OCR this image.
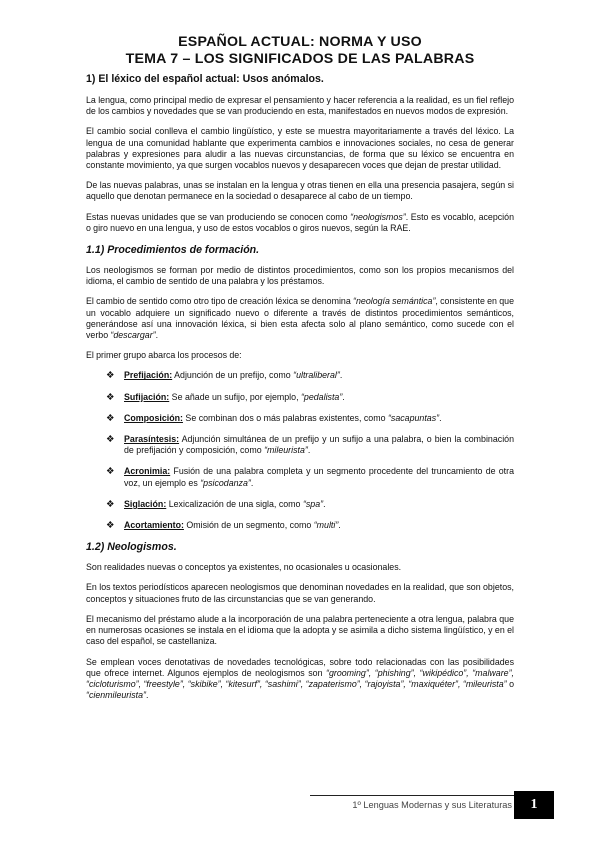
ESPAÑOL ACTUAL: NORMA Y USO
TEMA 7 – LOS SIGNIFICADOS DE LAS PALABRAS
1) El léxico del español actual: Usos anómalos.

La lengua, como principal medio de expresar el pensamiento y hacer referencia a la realidad, es un fiel reflejo de los cambios y novedades que se van produciendo en esta, manifestados en nuevos modos de expresión.

El cambio social conlleva el cambio lingüístico, y este se muestra mayoritariamente a través del léxico. La lengua de una comunidad hablante que experimenta cambios e innovaciones sociales, no cesa de generar palabras y expresiones para aludir a las nuevas circunstancias, de forma que su léxico se encuentra en constante movimiento, ya que surgen vocablos nuevos y desaparecen voces que dejan de prestar utilidad.

De las nuevas palabras, unas se instalan en la lengua y otras tienen en ella una presencia pasajera, según si aquello que denotan permanece en la sociedad o desaparece al cabo de un tiempo.

Estas nuevas unidades que se van produciendo se conocen como “neologismos”. Esto es vocablo, acepción o giro nuevo en una lengua, y uso de estos vocablos o giros nuevos, según la RAE.

1.1) Procedimientos de formación.

Los neologismos se forman por medio de distintos procedimientos, como son los propios mecanismos del idioma, el cambio de sentido de una palabra y los préstamos.

El cambio de sentido como otro tipo de creación léxica se denomina “neología semántica”, consistente en que un vocablo adquiere un significado nuevo o diferente a través de distintos procedimientos semánticos, generándose así una innovación léxica, si bien esta afecta solo al plano semántico, como sucede con el verbo “descargar”.

El primer grupo abarca los procesos de:

❖ Prefijación: Adjunción de un prefijo, como “ultraliberal”.
❖ Sufijación: Se añade un sufijo, por ejemplo, “pedalista”.
❖ Composición: Se combinan dos o más palabras existentes, como “sacapuntas”.
❖ Parasíntesis: Adjunción simultánea de un prefijo y un sufijo a una palabra, o bien la combinación de prefijación y composición, como “mileurista”.
❖ Acronimia: Fusión de una palabra completa y un segmento procedente del truncamiento de otra voz, un ejemplo es “psicodanza”.
❖ Siglación: Lexicalización de una sigla, como “spa”.
❖ Acortamiento: Omisión de un segmento, como “multi”.
1.2) Neologismos.

Son realidades nuevas o conceptos ya existentes, no ocasionales u ocasionales.

En los textos periodísticos aparecen neologismos que denominan novedades en la realidad, que son objetos, conceptos y situaciones fruto de las circunstancias que se van generando.

El mecanismo del préstamo alude a la incorporación de una palabra perteneciente a otra lengua, palabra que en numerosas ocasiones se instala en el idioma que la adopta y se asimila a dicho sistema lingüístico, y en el caso del español, se castellaniza.

Se emplean voces denotativas de novedades tecnológicas, sobre todo relacionadas con las posibilidades que ofrece internet. Algunos ejemplos de neologismos son “grooming”, “phishing”, “wikipédico”, “malware”, “cicloturismo”, “freestyle”, “skibike”, “kitesurf”, “sashimi”, “zapaterismo”, “rajoyista”, “maxiquéter”, “mileurista” o “cienmileurista”.

1º Lenguas Modernas y sus Literaturas	1
